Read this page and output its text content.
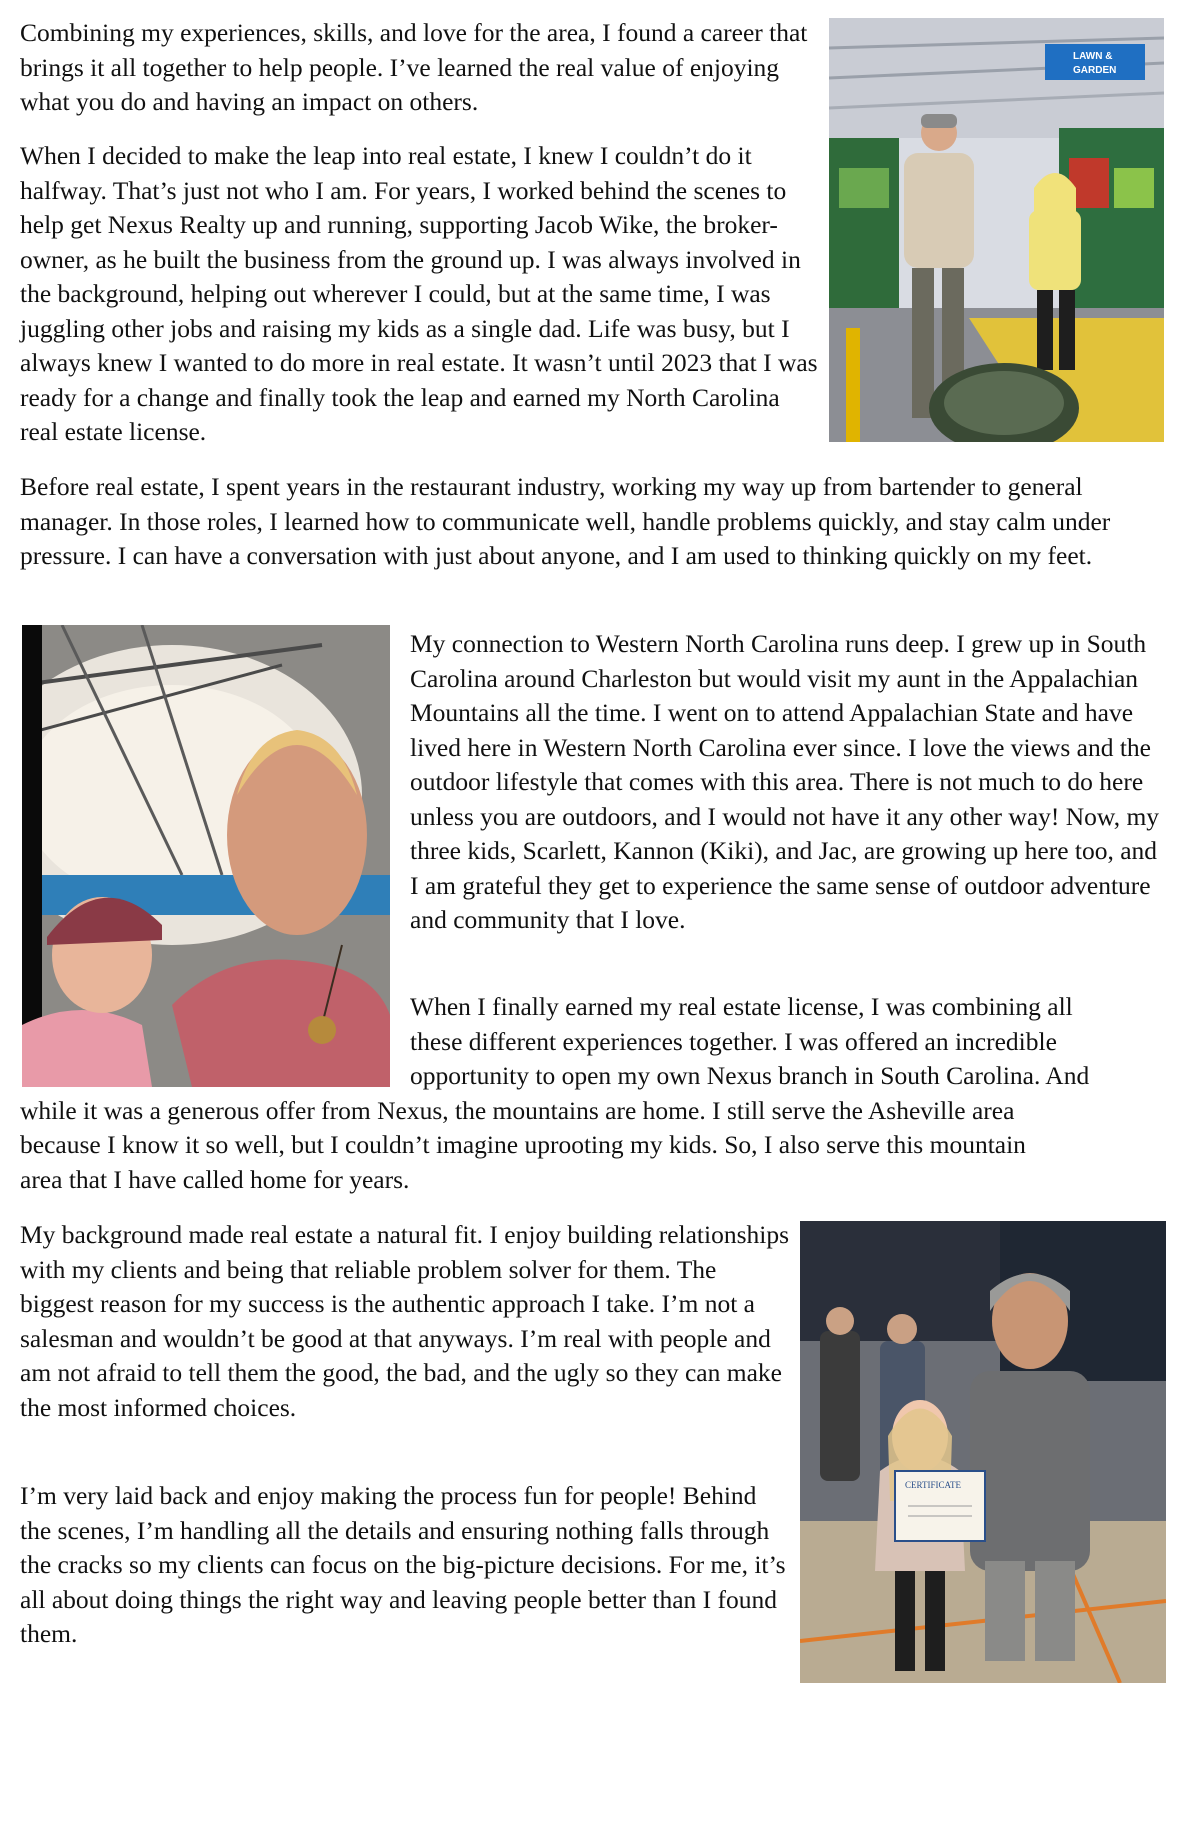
Combining my experiences, skills, and love for the area, I found a career that brings it all together to help people. I’ve learned the real value of enjoying what you do and having an impact on others.

When I decided to make the leap into real estate, I knew I couldn’t do it halfway. That’s just not who I am. For years, I worked behind the scenes to help get Nexus Realty up and running, supporting Jacob Wike, the broker-owner, as he built the business from the ground up. I was always involved in the background, helping out wherever I could, but at the same time, I was juggling other jobs and raising my kids as a single dad. Life was busy, but I always knew I wanted to do more in real estate. It wasn’t until 2023 that I was ready for a change and finally took the leap and earned my North Carolina real estate license.

LAWN &
GARDEN

Before real estate, I spent years in the restaurant industry, working my way up from bartender to general manager. In those roles, I learned how to communicate well, handle problems quickly, and stay calm under pressure. I can have a conversation with just about anyone, and I am used to thinking quickly on my feet.

My connection to Western North Carolina runs deep. I grew up in South Carolina around Charleston but would visit my aunt in the Appalachian Mountains all the time. I went on to attend Appalachian State and have lived here in Western North Carolina ever since. I love the views and the outdoor lifestyle that comes with this area. There is not much to do here unless you are outdoors, and I would not have it any other way! Now, my three kids, Scarlett, Kannon (Kiki), and Jac, are growing up here too, and I am grateful they get to experience the same sense of outdoor adventure and community that I love.

When I finally earned my real estate license, I was combining all
these different experiences together. I was offered an incredible
opportunity to open my own Nexus branch in South Carolina. And
while it was a generous offer from Nexus, the mountains are home. I still serve the Asheville area
because I know it so well, but I couldn’t imagine uprooting my kids. So, I also serve this mountain
area that I have called home for years.

My background made real estate a natural fit. I enjoy building relationships with my clients and being that reliable problem solver for them. The biggest reason for my success is the authentic approach I take. I’m not a salesman and wouldn’t be good at that anyways. I’m real with people and am not afraid to tell them the good, the bad, and the ugly so they can make the most informed choices.

I’m very laid back and enjoy making the process fun for people! Behind the scenes, I’m handling all the details and ensuring nothing falls through the cracks so my clients can focus on the big-picture decisions. For me, it’s all about doing things the right way and leaving people better than I found them.

CERTIFICATE
